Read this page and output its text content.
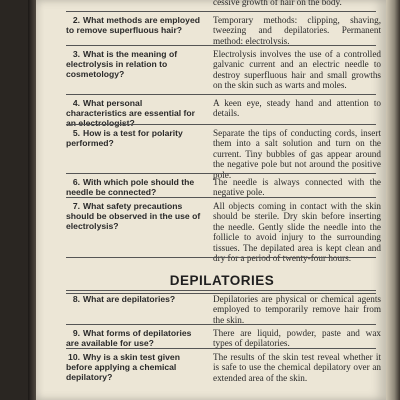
cessive growth of hair on the body.
2. What methods are employed to remove superfluous hair?
Temporary methods: clipping, shaving, tweezing and depilatories. Permanent method: electrolysis.
3. What is the meaning of electrolysis in relation to cosmetology?
Electrolysis involves the use of a controlled galvanic current and an electric needle to destroy superfluous hair and small growths on the skin such as warts and moles.
4. What personal characteristics are essential for an electrologist?
A keen eye, steady hand and attention to details.
5. How is a test for polarity performed?
Separate the tips of conducting cords, insert them into a salt solution and turn on the current. Tiny bubbles of gas appear around the negative pole but not around the positive pole.
6. With which pole should the needle be connected?
The needle is always connected with the negative pole.
7. What safety precautions should be observed in the use of electrolysis?
All objects coming in contact with the skin should be sterile. Dry skin before inserting the needle. Gently slide the needle into the follicle to avoid injury to the surrounding tissues. The depilated area is kept clean and dry for a period of twenty-four hours.
DEPILATORIES
8. What are depilatories?	Depilatories are physical or chemical agents employed to temporarily remove hair from the skin.
9. What forms of depilatories are available for use?
There are liquid, powder, paste and wax types of depilatories.
10. Why is a skin test given before applying a chemical depilatory?
The results of the skin test reveal whether it is safe to use the chemical depilatory over an extended area of the skin.
